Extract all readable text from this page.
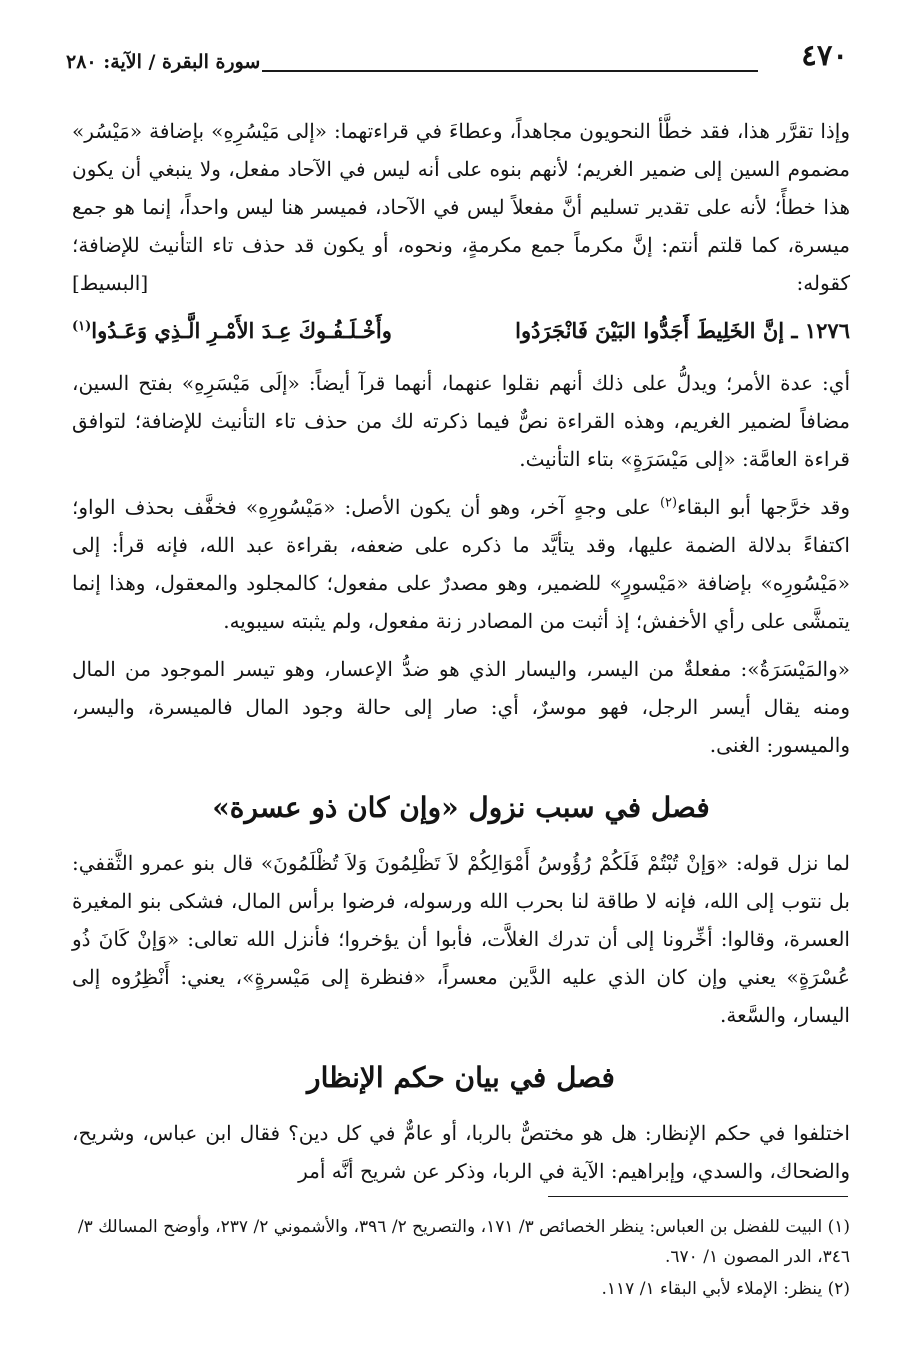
٤٧٠
سورة البقرة / الآية: ٢٨٠

وإذا تقرَّر هذا، فقد خطَّأ النحويون مجاهداً، وعطاءَ في قراءتهما: «إلى مَيْسُرِهِ» بإضافة «مَيْسُر» مضموم السين إلى ضمير الغريم؛ لأنهم بنوه على أنه ليس في الآحاد مفعل، ولا ينبغي أن يكون هذا خطأً؛ لأنه على تقدير تسليم أنَّ مفعلاً ليس في الآحاد، فميسر هنا ليس واحداً، إنما هو جمع ميسرة، كما قلتم أنتم: إنَّ مكرماً جمع مكرمةٍ، ونحوه، أو يكون قد حذف تاء التأنيث للإضافة؛ كقوله:
[البسيط]

١٢٧٦ ـ إنَّ الخَلِيطَ أَجَدُّوا البَيْنَ فَانْجَرَدُوا
وأَخْـلَـفُـوكَ عِـدَ الأَمْـرِ الَّـذِي وَعَـدُوا$^{(١)}$

أي: عدة الأمر؛ ويدلُّ على ذلك أنهم نقلوا عنهما، أنهما قرآ أيضاً: «إلَى مَيْسَرِهِ» بفتح السين، مضافاً لضمير الغريم، وهذه القراءة نصٌّ فيما ذكرته لك من حذف تاء التأنيث للإضافة؛ لتوافق قراءة العامَّة: «إلى مَيْسَرَةٍ» بتاء التأنيث.

وقد خرَّجها أبو البقاء$^{(٢)}$ على وجهٍ آخر، وهو أن يكون الأصل: «مَيْسُورِهِ» فخفَّف بحذف الواو؛ اكتفاءً بدلالة الضمة عليها، وقد يتأيَّد ما ذكره على ضعفه، بقراءة عبد الله، فإنه قرأ: إلى «مَيْسُورِه» بإضافة «مَيْسورٍ» للضمير، وهو مصدرٌ على مفعول؛ كالمجلود والمعقول، وهذا إنما يتمشَّى على رأي الأخفش؛ إذ أثبت من المصادر زنة مفعول، ولم يثبته سيبويه.

«والمَيْسَرَةُ»: مفعلةٌ من اليسر، واليسار الذي هو ضدُّ الإعسار، وهو تيسر الموجود من المال ومنه يقال أيسر الرجل، فهو موسرٌ، أي: صار إلى حالة وجود المال فالميسرة، واليسر، والميسور: الغنى.

فصل في سبب نزول «وإن كان ذو عسرة»

لما نزل قوله: «وَإنْ تُبْتُمْ فَلَكُمْ رُؤُوسُ أَمْوَالِكُمْ لاَ تَظْلِمُونَ وَلاَ تُظْلَمُونَ» قال بنو عمرو الثَّقفي: بل نتوب إلى الله، فإنه لا طاقة لنا بحرب الله ورسوله، فرضوا برأس المال، فشكى بنو المغيرة العسرة، وقالوا: أخِّرونا إلى أن تدرك الغلاَّت، فأبوا أن يؤخروا؛ فأنزل الله تعالى: «وَإنْ كَانَ ذُو عُسْرَةٍ» يعني وإن كان الذي عليه الدَّين معسراً، «فنظرة إلى مَيْسرةٍ»، يعني: أَنْظِرُوه إلى اليسار، والسَّعة.

فصل في بيان حكم الإنظار

اختلفوا في حكم الإنظار: هل هو مختصٌّ بالربا، أو عامٌّ في كل دين؟ فقال ابن عباس، وشريح، والضحاك، والسدي، وإبراهيم: الآية في الربا، وذكر عن شريح أنَّه أمر

(١) البيت للفضل بن العباس: ينظر الخصائص ٣/ ١٧١، والتصريح ٢/ ٣٩٦، والأشموني ٢/ ٢٣٧، وأوضح المسالك ٣/ ٣٤٦، الدر المصون ١/ ٦٧٠.

(٢) ينظر: الإملاء لأبي البقاء ١/ ١١٧.
